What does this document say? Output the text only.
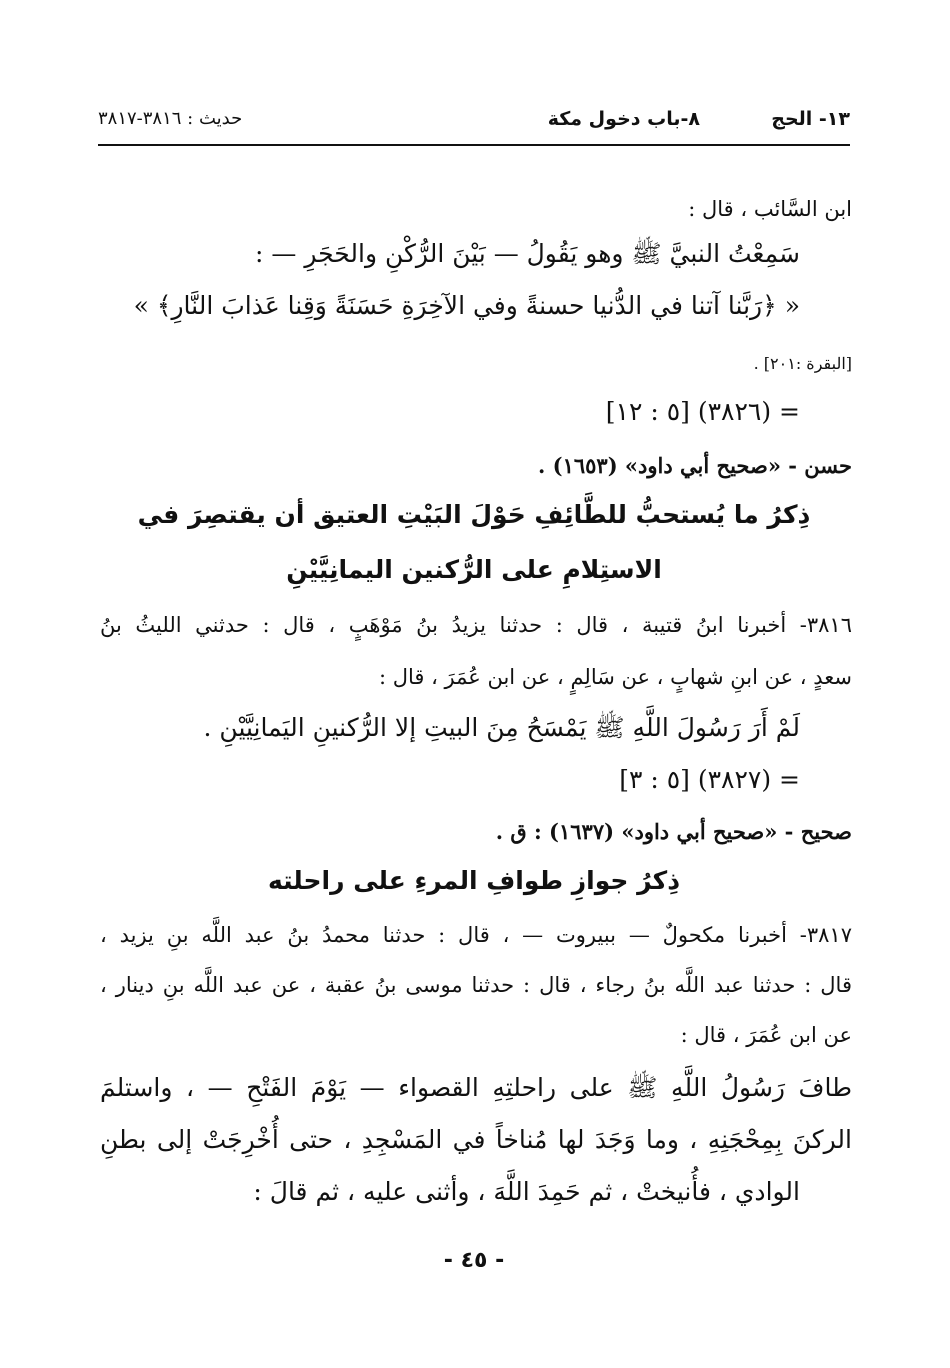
١٣- الحج
٨-باب دخول مكة
حديث : ٣٨١٦-٣٨١٧
ابن السَّائب ، قال :
سَمِعْتُ النبيَّ ﷺ وهو يَقُولُ — بَيْنَ الرُّكْنِ والحَجَرِ — :
« ﴿رَبَّنا آتنا في الدُّنيا حسنةً وفي الآخِرَةِ حَسَنَةً وَقِنا عَذابَ النَّارِ﴾ »
[البقرة :٢٠١] .
= (٣٨٢٦) [٥ : ١٢]
حسن - «صحيح أبي داود» (١٦٥٣) .
ذِكرُ ما يُستحبُّ للطَّائِفِ حَوْلَ البَيْتِ العتيق أن يقتصِرَ في
الاستِلامِ على الرُّكنين اليمانِيَّيْنِ
٣٨١٦- أخبرنا ابنُ قتيبة ، قال : حدثنا يزيدُ بنُ مَوْهَبٍ ، قال : حدثني الليثُ بنُ
سعدٍ ، عن ابنِ شهابٍ ، عن سَالِمٍ ، عن ابن عُمَرَ ، قال :
لَمْ أَرَ رَسُولَ اللَّهِ ﷺ يَمْسَحُ مِنَ البيتِ إلا الرُّكنينِ اليَمانِيَّيْنِ .
= (٣٨٢٧) [٥ : ٣]
صحيح - «صحيح أبي داود» (١٦٣٧) : ق .
ذِكرُ جوازِ طوافِ المرءِ على راحلته
٣٨١٧- أخبرنا مكحولٌ — ببيروت — ، قال : حدثنا محمدُ بنُ عبد اللَّه بنِ يزيد ،
قال : حدثنا عبد اللَّه بنُ رجاء ، قال : حدثنا موسى بنُ عقبة ، عن عبد اللَّه بنِ دينار ،
عن ابن عُمَرَ ، قال :
طافَ رَسُولُ اللَّهِ ﷺ على راحلتِهِ القصواء — يَوْمَ الفَتْحِ — ، واستلمَ
الركنَ بِمِحْجَنِهِ ، وما وَجَدَ لها مُناخاً في المَسْجِدِ ، حتى أُخْرِجَتْ إلى بطنِ
الوادي ، فأُنيختْ ، ثم حَمِدَ اللَّهَ ، وأثنى عليه ، ثم قالَ :
- ٤٥ -
